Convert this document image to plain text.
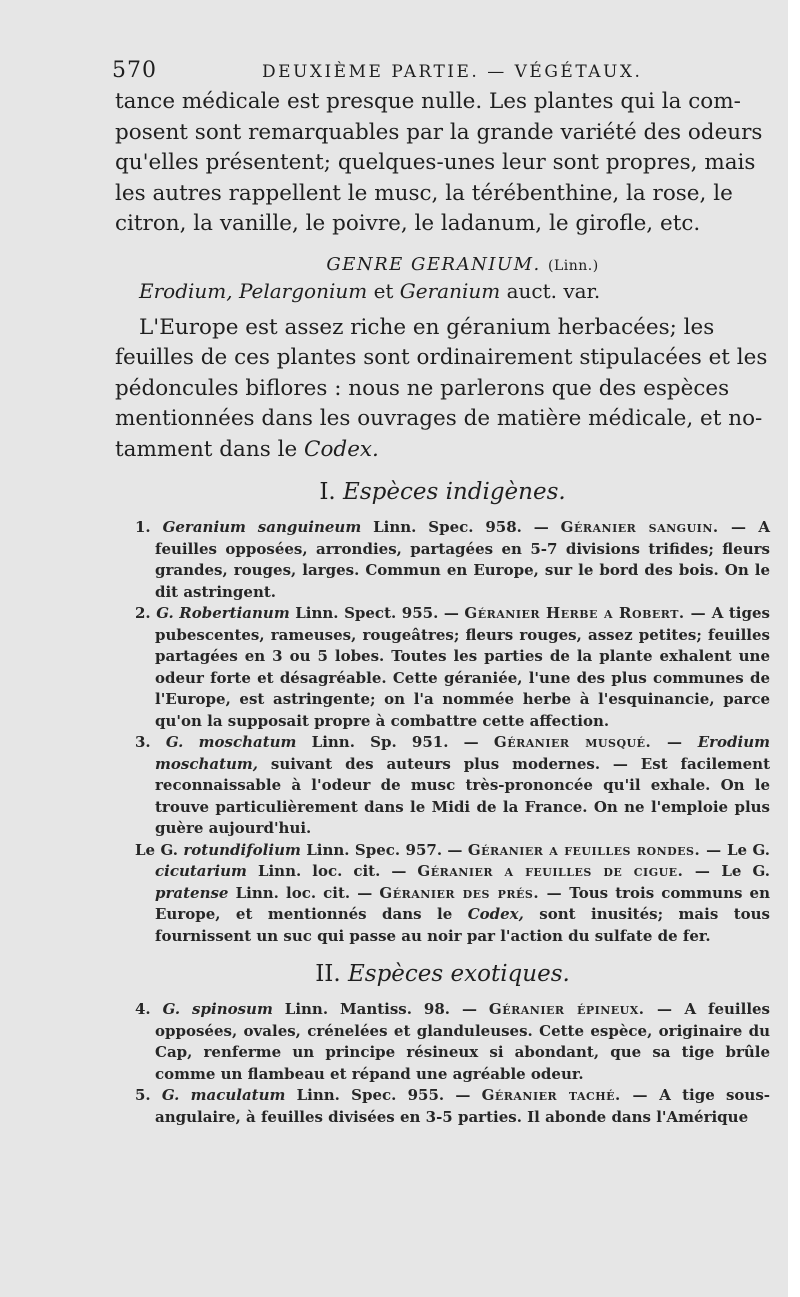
570	DEUXIÈME PARTIE. — VÉGÉTAUX.

tance médicale est presque nulle. Les plantes qui la com-

posent sont remarquables par la grande variété des odeurs

qu'elles présentent; quelques-unes leur sont propres, mais

les autres rappellent le musc, la térébenthine, la rose, le

citron, la vanille, le poivre, le ladanum, le girofle, etc.

GENRE GERANIUM. (Linn.)
Erodium, Pelargonium et Geranium auct. var.

L'Europe est assez riche en géranium herbacées; les

feuilles de ces plantes sont ordinairement stipulacées et les

pédoncules biflores : nous ne parlerons que des espèces

mentionnées dans les ouvrages de matière médicale, et no-

tamment dans le Codex.

I. Espèces indigènes.

1. Geranium sanguineum Linn. Spec. 958. — Géranier sanguin. — A feuilles opposées, arrondies, partagées en 5-7 divisions trifides; fleurs grandes, rouges, larges. Commun en Europe, sur le bord des bois. On le dit astringent.

2. G. Robertianum Linn. Spect. 955. — Géranier Herbe a Robert. — A tiges pubescentes, rameuses, rougeâtres; fleurs rouges, assez petites; feuilles partagées en 3 ou 5 lobes. Toutes les parties de la plante exhalent une odeur forte et désagréable. Cette géraniée, l'une des plus communes de l'Europe, est astringente; on l'a nommée herbe à l'esquinancie, parce qu'on la supposait propre à combattre cette affection.

3. G. moschatum Linn. Sp. 951. — Géranier musqué. — Erodium moschatum, suivant des auteurs plus modernes. — Est facilement reconnaissable à l'odeur de musc très-prononcée qu'il exhale. On le trouve particulièrement dans le Midi de la France. On ne l'emploie plus guère aujourd'hui.

Le G. rotundifolium Linn. Spec. 957. — Géranier a feuilles rondes. — Le G. cicutarium Linn. loc. cit. — Géranier a feuilles de cigue. — Le G. pratense Linn. loc. cit. — Géranier des prés. — Tous trois communs en Europe, et mentionnés dans le Codex, sont inusités; mais tous fournissent un suc qui passe au noir par l'action du sulfate de fer.

II. Espèces exotiques.

4. G. spinosum Linn. Mantiss. 98. — Géranier épineux. — A feuilles opposées, ovales, crénelées et glanduleuses. Cette espèce, originaire du Cap, renferme un principe résineux si abondant, que sa tige brûle comme un flambeau et répand une agréable odeur.

5. G. maculatum Linn. Spec. 955. — Géranier taché. — A tige sous-angulaire, à feuilles divisées en 3-5 parties. Il abonde dans l'Amérique
